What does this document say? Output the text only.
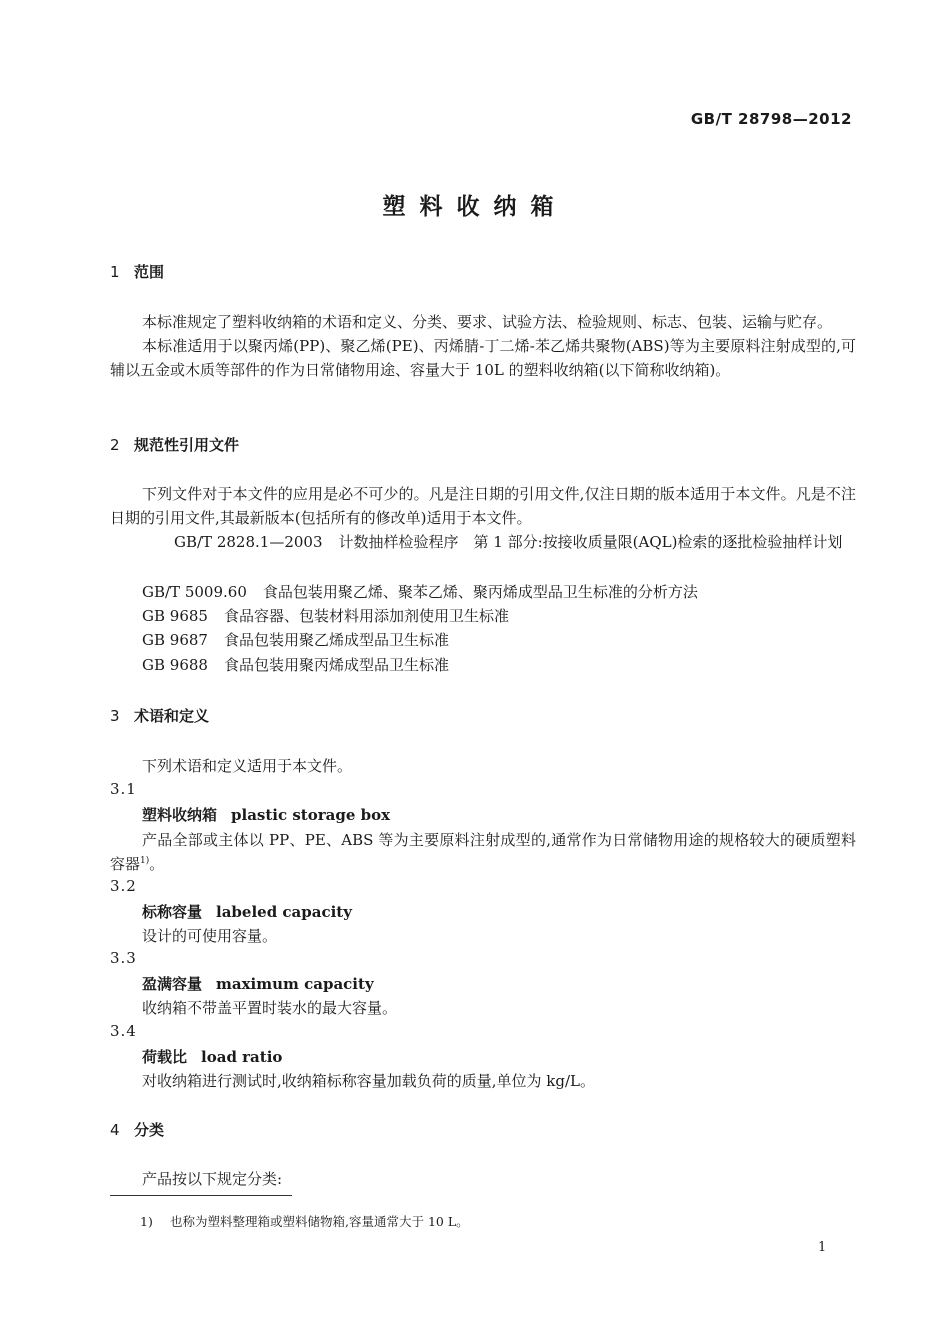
GB/T 28798—2012
塑料收纳箱
1 范围
本标准规定了塑料收纳箱的术语和定义、分类、要求、试验方法、检验规则、标志、包装、运输与贮存。
本标准适用于以聚丙烯(PP)、聚乙烯(PE)、丙烯腈-丁二烯-苯乙烯共聚物(ABS)等为主要原料注射成型的,可辅以五金或木质等部件的作为日常储物用途、容量大于 10L 的塑料收纳箱(以下简称收纳箱)。
2 规范性引用文件
下列文件对于本文件的应用是必不可少的。凡是注日期的引用文件,仅注日期的版本适用于本文件。凡是不注日期的引用文件,其最新版本(包括所有的修改单)适用于本文件。
GB/T 2828.1—2003 计数抽样检验程序　第 1 部分:按接收质量限(AQL)检索的逐批检验抽样计划
GB/T 5009.60 食品包装用聚乙烯、聚苯乙烯、聚丙烯成型品卫生标准的分析方法
GB 9685 食品容器、包装材料用添加剂使用卫生标准
GB 9687 食品包装用聚乙烯成型品卫生标准
GB 9688 食品包装用聚丙烯成型品卫生标准
3 术语和定义
下列术语和定义适用于本文件。
3.1
塑料收纳箱 plastic storage box
产品全部或主体以 PP、PE、ABS 等为主要原料注射成型的,通常作为日常储物用途的规格较大的硬质塑料容器$^{1)}$。
3.2
标称容量 labeled capacity
设计的可使用容量。
3.3
盈满容量 maximum capacity
收纳箱不带盖平置时装水的最大容量。
3.4
荷载比 load ratio
对收纳箱进行测试时,收纳箱标称容量加载负荷的质量,单位为 kg/L。
4 分类
产品按以下规定分类:
1) 也称为塑料整理箱或塑料储物箱,容量通常大于 10 L。
1
